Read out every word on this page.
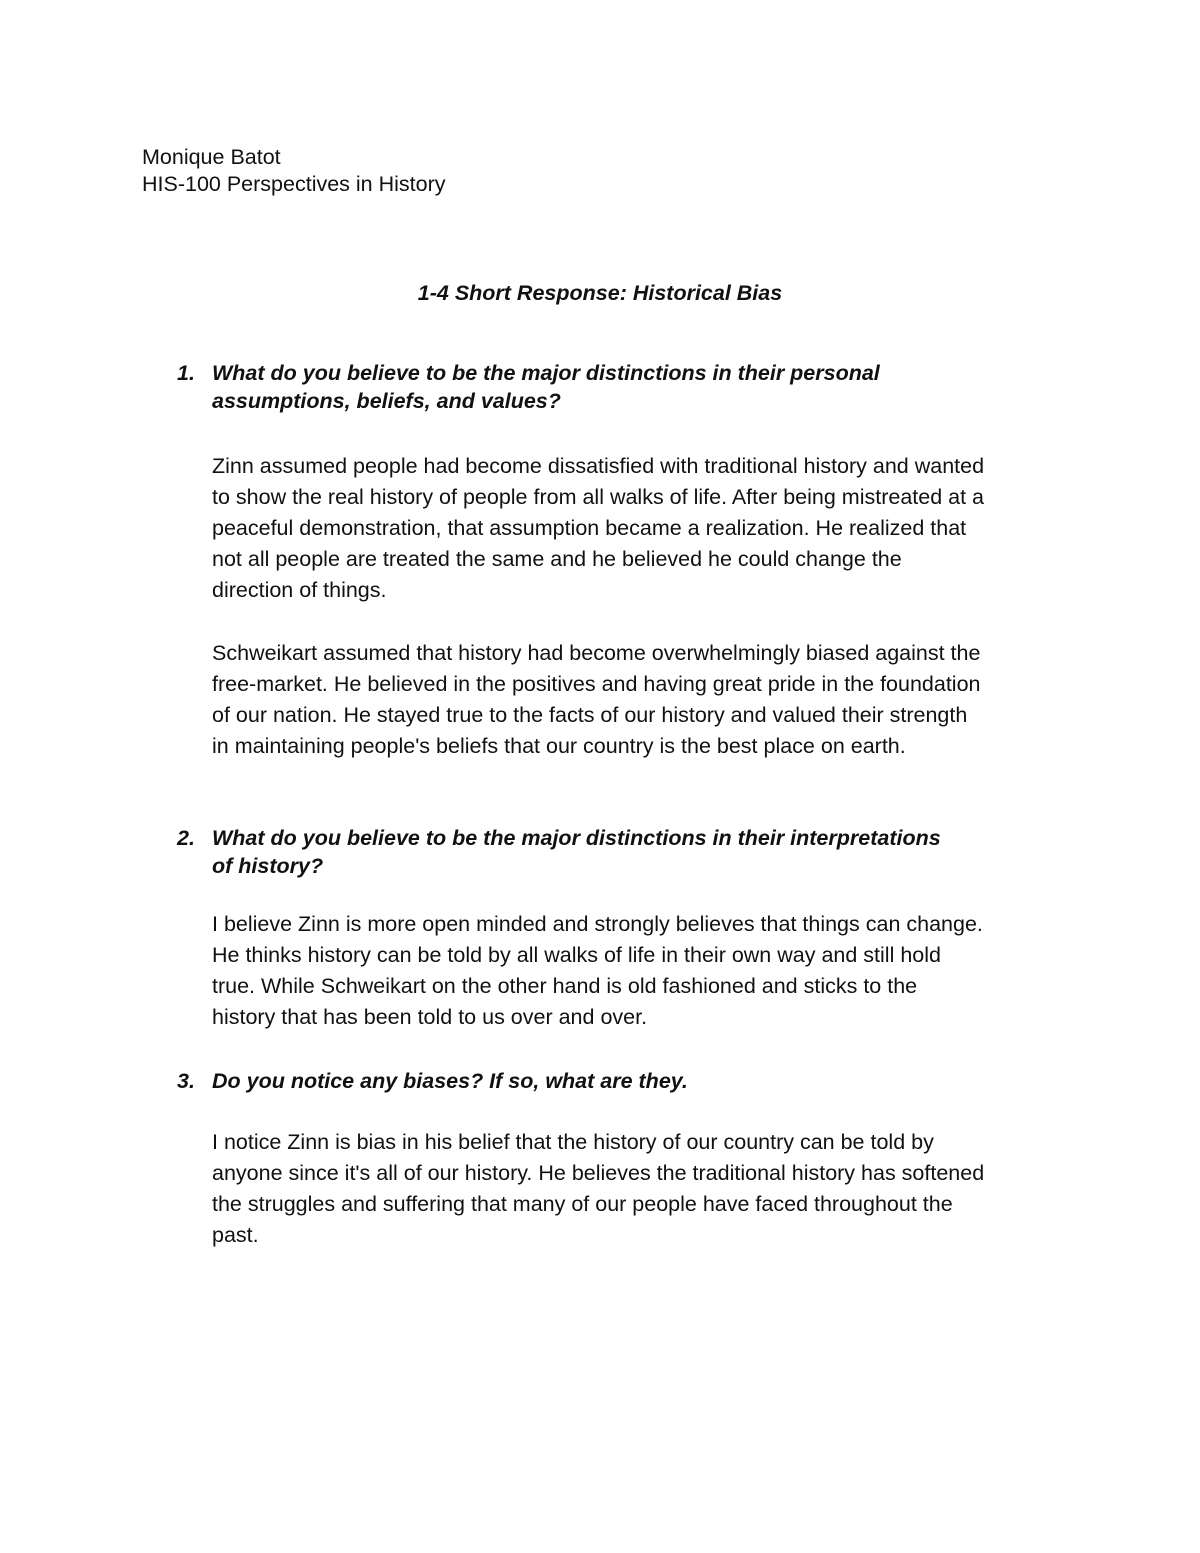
Monique Batot
HIS-100 Perspectives in History
1-4 Short Response: Historical Bias
1. What do you believe to be the major distinctions in their personal
assumptions, beliefs, and values?
Zinn assumed people had become dissatisfied with traditional history and wanted
to show the real history of people from all walks of life. After being mistreated at a
peaceful demonstration, that assumption became a realization. He realized that
not all people are treated the same and he believed he could change the
direction of things.
Schweikart assumed that history had become overwhelmingly biased against the
free-market. He believed in the positives and having great pride in the foundation
of our nation. He stayed true to the facts of our history and valued their strength
in maintaining people's beliefs that our country is the best place on earth.
2. What do you believe to be the major distinctions in their interpretations
of history?
I believe Zinn is more open minded and strongly believes that things can change.
He thinks history can be told by all walks of life in their own way and still hold
true. While Schweikart on the other hand is old fashioned and sticks to the
history that has been told to us over and over.
3. Do you notice any biases? If so, what are they.
I notice Zinn is bias in his belief that the history of our country can be told by
anyone since it's all of our history. He believes the traditional history has softened
the struggles and suffering that many of our people have faced throughout the
past.
